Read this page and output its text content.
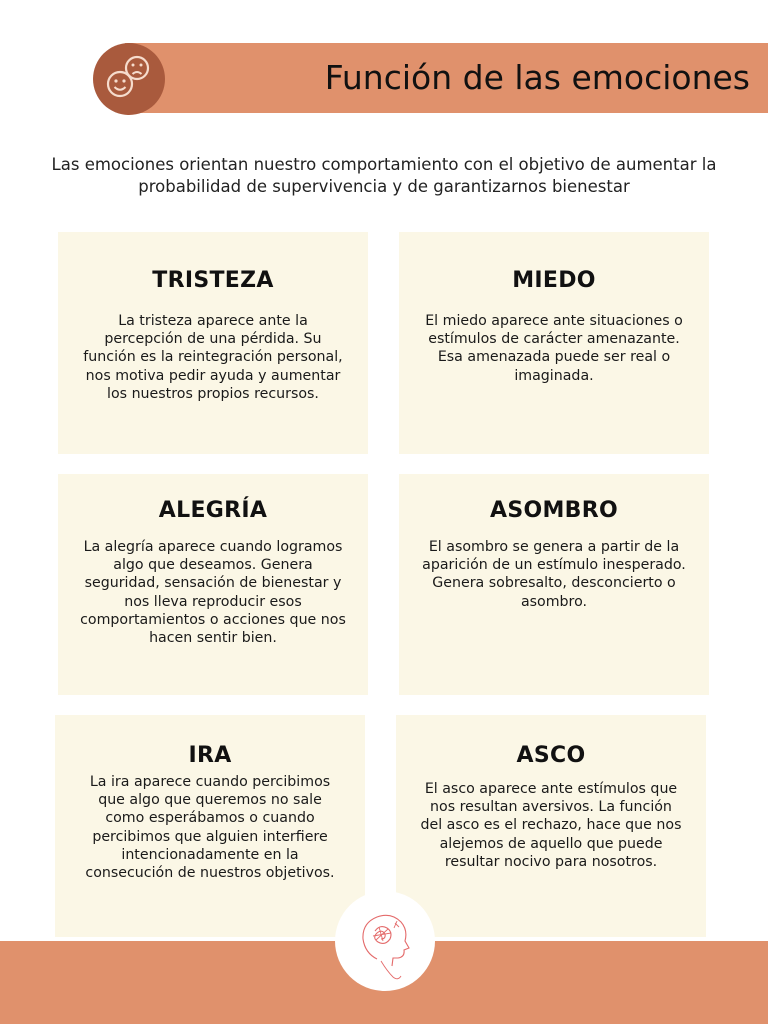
Función de las emociones

Las emociones orientan nuestro comportamiento con el objetivo de aumentar la probabilidad de supervivencia y de garantizarnos bienestar

TRISTEZA

La tristeza aparece ante la percepción de una pérdida. Su función es la reintegración personal, nos motiva pedir ayuda y aumentar los nuestros propios recursos.

MIEDO

El miedo aparece ante situaciones o estímulos de carácter amenazante. Esa amenazada puede ser real o imaginada.

ALEGRÍA

La alegría aparece cuando logramos algo que deseamos. Genera seguridad, sensación de bienestar y nos lleva reproducir esos comportamientos o acciones que nos hacen sentir bien.

ASOMBRO

El asombro se genera a partir de la aparición de un estímulo inesperado. Genera sobresalto, desconcierto o asombro.

IRA

La ira aparece cuando percibimos que algo que queremos no sale como esperábamos o cuando percibimos que alguien interfiere intencionadamente en la consecución de nuestros objetivos.

ASCO

El asco aparece ante estímulos que nos resultan aversivos. La función del asco es el rechazo, hace que nos alejemos de aquello que puede resultar nocivo para nosotros.
